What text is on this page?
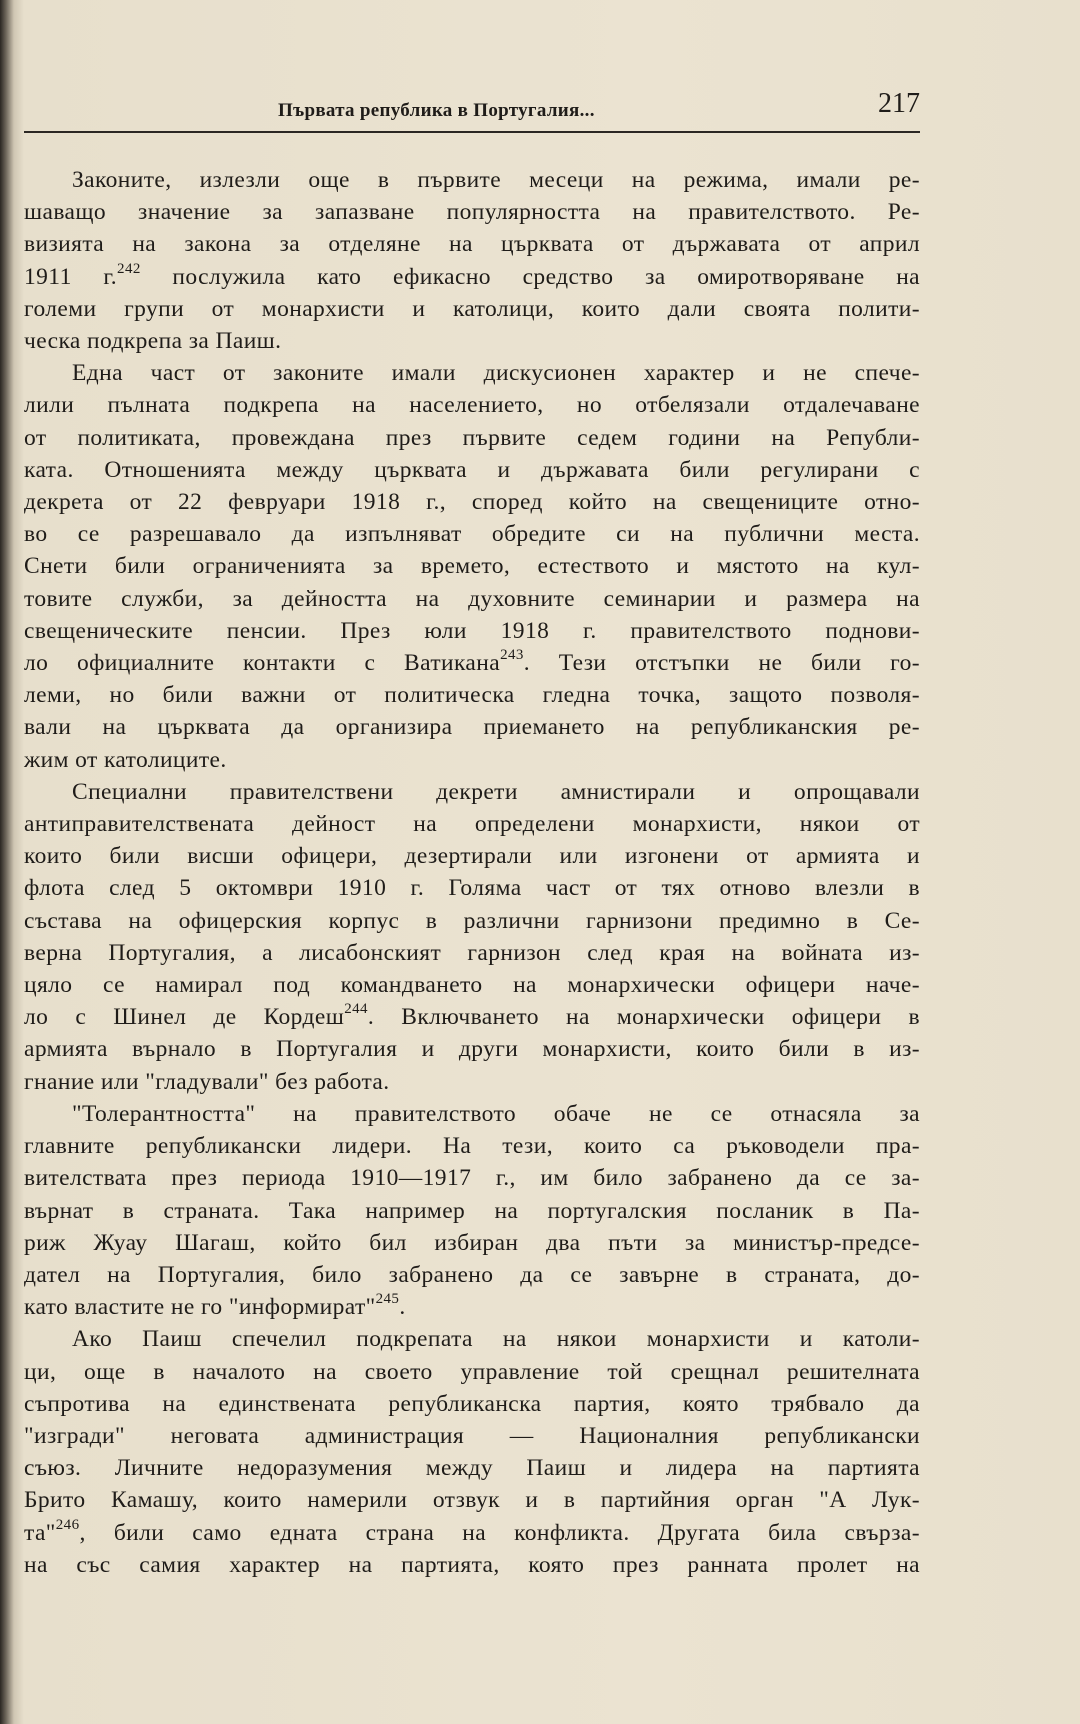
Първата република в Португалия...	217
Законите, излезли още в първите месеци на режима, имали ре-
шаващо значение за запазване популярността на правителството. Ре-
визията на закона за отделяне на църквата от държавата от април
1911 г.$^{242}$ послужила като ефикасно средство за омиротворяване на
големи групи от монархисти и католици, които дали своята полити-
ческа подкрепа за Паиш.
Една част от законите имали дискусионен характер и не спече-
лили пълната подкрепа на населението, но отбелязали отдалечаване
от политиката, провеждана през първите седем години на Републи-
ката. Отношенията между църквата и държавата били регулирани с
декрета от 22 февруари 1918 г., според който на свещениците отно-
во се разрешавало да изпълняват обредите си на публични места.
Снети били ограниченията за времето, естеството и мястото на кул-
товите служби, за дейността на духовните семинарии и размера на
свещеническите пенсии. През юли 1918 г. правителството поднови-
ло официалните контакти с Ватикана$^{243}$. Тези отстъпки не били го-
леми, но били важни от политическа гледна точка, защото позволя-
вали на църквата да организира приемането на републиканския ре-
жим от католиците.
Специални правителствени декрети амнистирали и опрощавали
антиправителствената дейност на определени монархисти, някои от
които били висши офицери, дезертирали или изгонени от армията и
флота след 5 октомври 1910 г. Голяма част от тях отново влезли в
състава на офицерския корпус в различни гарнизони предимно в Се-
верна Португалия, а лисабонският гарнизон след края на войната из-
цяло се намирал под командването на монархически офицери наче-
ло с Шинел де Кордеш$^{244}$. Включването на монархически офицери в
армията върнало в Португалия и други монархисти, които били в из-
гнание или "гладували" без работа.
"Толерантността" на правителството обаче не се отнасяла за
главните републикански лидери. На тези, които са ръководели пра-
вителствата през периода 1910—1917 г., им било забранено да се за-
върнат в страната. Така например на португалския посланик в Па-
риж Жуау Шагаш, който бил избиран два пъти за министър-предсе-
дател на Португалия, било забранено да се завърне в страната, до-
като властите не го "информират"$^{245}$.
Ако Паиш спечелил подкрепата на някои монархисти и католи-
ци, още в началото на своето управление той срещнал решителната
съпротива на единствената републиканска партия, която трябвало да
"изгради" неговата администрация — Националния републикански
съюз. Личните недоразумения между Паиш и лидера на партията
Брито Камашу, които намерили отзвук и в партийния орган "А Лук-
та"$^{246}$, били само едната страна на конфликта. Другата била свърза-
на със самия характер на партията, която през ранната пролет на
